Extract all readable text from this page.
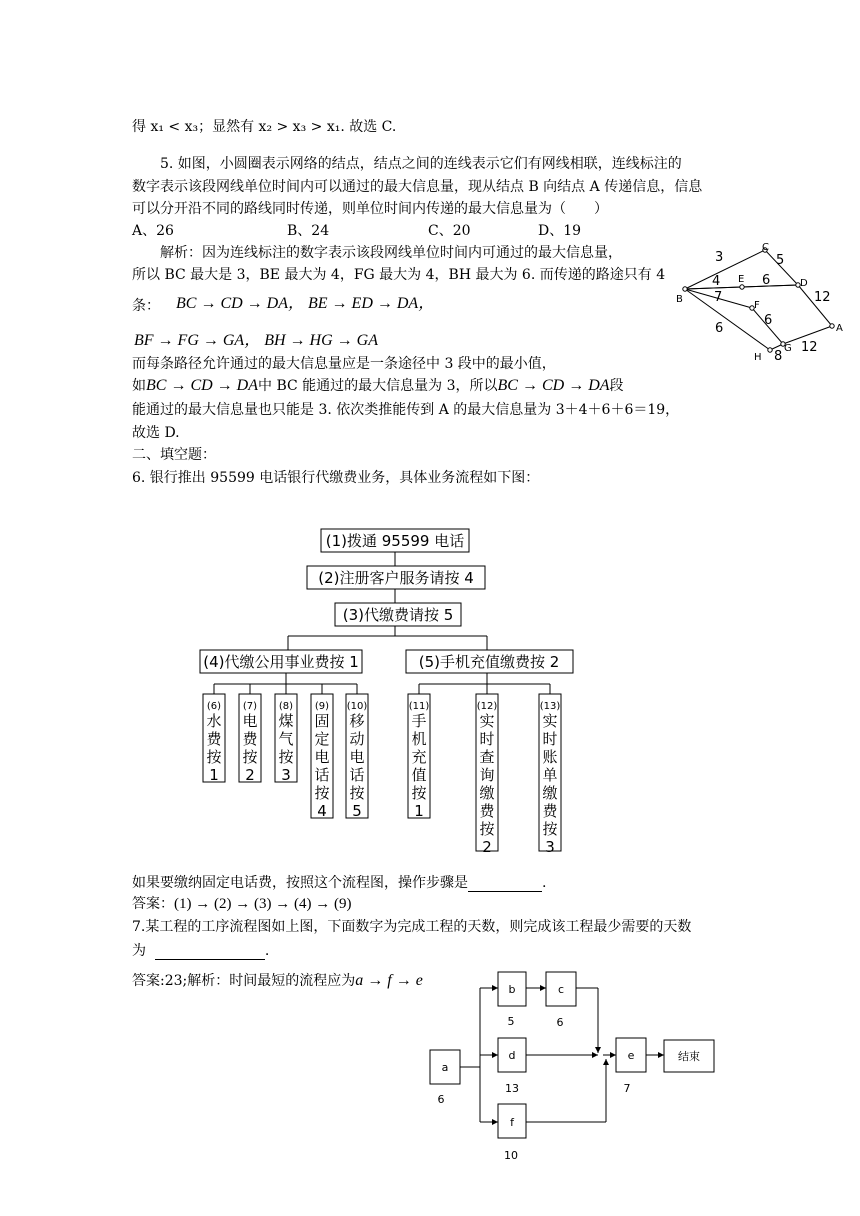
得 x₁ < x₃；显然有 x₂ > x₃ > x₁. 故选 C.
5. 如图，小圆圈表示网络的结点，结点之间的连线表示它们有网线相联，连线标注的
数字表示该段网线单位时间内可以通过的最大信息量，现从结点 B 向结点 A 传递信息，信息
可以分开沿不同的路线同时传递，则单位时间内传递的最大信息量为（　　）
A、26	B、24	C、20	D、19
解析：因为连线标注的数字表示该段网线单位时间内可通过的最大信息量，
所以 BC 最大是 3，BE 最大为 4，FG 最大为 4，BH 最大为 6. 而传递的路途只有 4
条： BC → CD → DA， BE → ED → DA，
BF → FG → GA， BH → HG → GA
而每条路径允许通过的最大信息量应是一条途径中 3 段中的最小值，
如BC → CD → DA中 BC 能通过的最大信息量为 3，所以BC → CD → DA段
能通过的最大信息量也只能是 3. 依次类推能传到 A 的最大信息量为 3＋4＋6＋6＝19，
故选 D.
二、填空题：
6. 银行推出 95599 电话银行代缴费业务，具体业务流程如下图：
如果要缴纳固定电话费，按照这个流程图，操作步骤是	.
答案：(1) → (2) → (3) → (4) → (9)
7.某工程的工序流程图如上图，下面数字为完成工程的天数，则完成该工程最少需要的天数
为	.
答案:23;解析：时间最短的流程应为a → f → e
B
C
E	D
F
A
H
G
3	5
4	6
7	12
6
6
8
12
(1)拨通 95599 电话
(2)注册客户服务请按 4
(3)代缴费请按 5
(4)代缴公用事业费按 1	(5)手机充值缴费按 2
(6)
水
费
按
1
(7)
电
费
按
2
(8)
煤
气
按
3
(9)
固
定
电
话
按
4
(10)
移
动
电
话
按
5
(11)
手
机
充
值
按
1
(12)
实
时
查
询
缴
费
按
2
(13)
实
时
账
单
缴
费
按
3
a
b	c
d	e
f
结束
6
5	6
13	7
10
